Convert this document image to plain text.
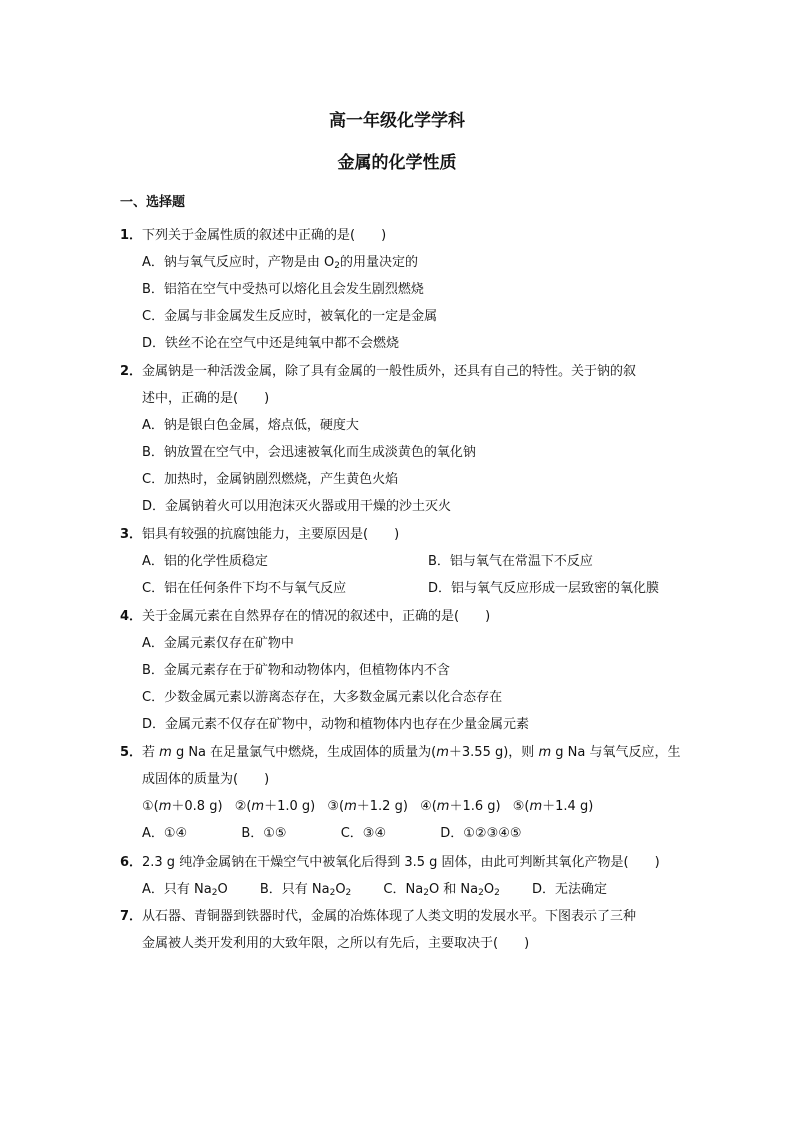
高一年级化学学科
金属的化学性质
一、选择题
1．下列关于金属性质的叙述中正确的是(　　)
A．钠与氧气反应时，产物是由 $O_2$的用量决定的
B．铝箔在空气中受热可以熔化且会发生剧烈燃烧
C．金属与非金属发生反应时，被氧化的一定是金属
D．铁丝不论在空气中还是纯氧中都不会燃烧
2．金属钠是一种活泼金属，除了具有金属的一般性质外，还具有自己的特性。关于钠的叙
述中，正确的是(　　)
A．钠是银白色金属，熔点低，硬度大
B．钠放置在空气中，会迅速被氧化而生成淡黄色的氧化钠
C．加热时，金属钠剧烈燃烧，产生黄色火焰
D．金属钠着火可以用泡沫灭火器或用干燥的沙土灭火
3．铝具有较强的抗腐蚀能力，主要原因是(　　)
A．铝的化学性质稳定	B．铝与氧气在常温下不反应
C．铝在任何条件下均不与氧气反应	D．铝与氧气反应形成一层致密的氧化膜
4．关于金属元素在自然界存在的情况的叙述中，正确的是(　　)
A．金属元素仅存在矿物中
B．金属元素存在于矿物和动物体内，但植物体内不含
C．少数金属元素以游离态存在，大多数金属元素以化合态存在
D．金属元素不仅存在矿物中，动物和植物体内也存在少量金属元素
5．若 m g Na 在足量氯气中燃烧，生成固体的质量为(m＋3.55 g)，则 m g Na 与氧气反应，生
成固体的质量为(　　)
①(m＋0.8 g) ②(m＋1.0 g) ③(m＋1.2 g) ④(m＋1.6 g) ⑤(m＋1.4 g)
A．①④	B．①⑤	C．③④	D．①②③④⑤
6．2.3 g 纯净金属钠在干燥空气中被氧化后得到 3.5 g 固体，由此可判断其氧化产物是(　　)
A．只有 $Na_2O$ B．只有 $Na_2O_2$ C．$Na_2O$ 和 $Na_2O_2$ D．无法确定
7．从石器、青铜器到铁器时代，金属的冶炼体现了人类文明的发展水平。下图表示了三种
金属被人类开发利用的大致年限，之所以有先后，主要取决于(　　)
